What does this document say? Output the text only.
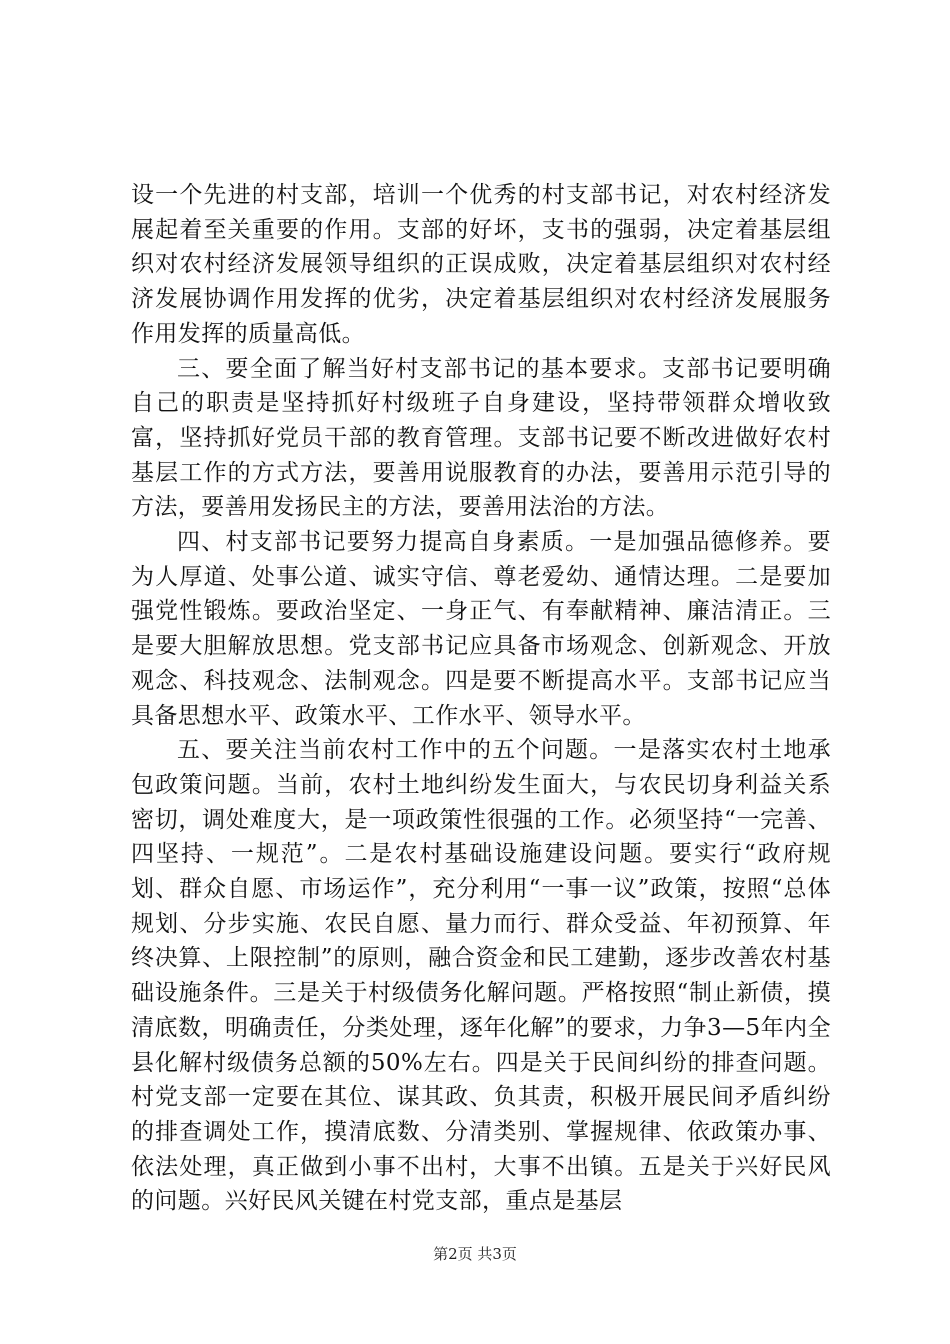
设一个先进的村支部，培训一个优秀的村支部书记，对农村经济发展起着至关重要的作用。支部的好坏，支书的强弱，决定着基层组织对农村经济发展领导组织的正误成败，决定着基层组织对农村经济发展协调作用发挥的优劣，决定着基层组织对农村经济发展服务作用发挥的质量高低。

三、要全面了解当好村支部书记的基本要求。支部书记要明确自己的职责是坚持抓好村级班子自身建设，坚持带领群众增收致富，坚持抓好党员干部的教育管理。支部书记要不断改进做好农村基层工作的方式方法，要善用说服教育的办法，要善用示范引导的方法，要善用发扬民主的方法，要善用法治的方法。

四、村支部书记要努力提高自身素质。一是加强品德修养。要为人厚道、处事公道、诚实守信、尊老爱幼、通情达理。二是要加强党性锻炼。要政治坚定、一身正气、有奉献精神、廉洁清正。三是要大胆解放思想。党支部书记应具备市场观念、创新观念、开放观念、科技观念、法制观念。四是要不断提高水平。支部书记应当具备思想水平、政策水平、工作水平、领导水平。

五、要关注当前农村工作中的五个问题。一是落实农村土地承包政策问题。当前，农村土地纠纷发生面大，与农民切身利益关系密切，调处难度大，是一项政策性很强的工作。必须坚持“一完善、四坚持、一规范”。二是农村基础设施建设问题。要实行“政府规划、群众自愿、市场运作”，充分利用“一事一议”政策，按照“总体规划、分步实施、农民自愿、量力而行、群众受益、年初预算、年终决算、上限控制”的原则，融合资金和民工建勤，逐步改善农村基础设施条件。三是关于村级债务化解问题。严格按照“制止新债，摸清底数，明确责任，分类处理，逐年化解”的要求，力争3—5年内全县化解村级债务总额的50%左右。四是关于民间纠纷的排查问题。村党支部一定要在其位、谋其政、负其责，积极开展民间矛盾纠纷的排查调处工作，摸清底数、分清类别、掌握规律、依政策办事、依法处理，真正做到小事不出村，大事不出镇。五是关于兴好民风的问题。兴好民风关键在村党支部，重点是基层

第2页 共3页
